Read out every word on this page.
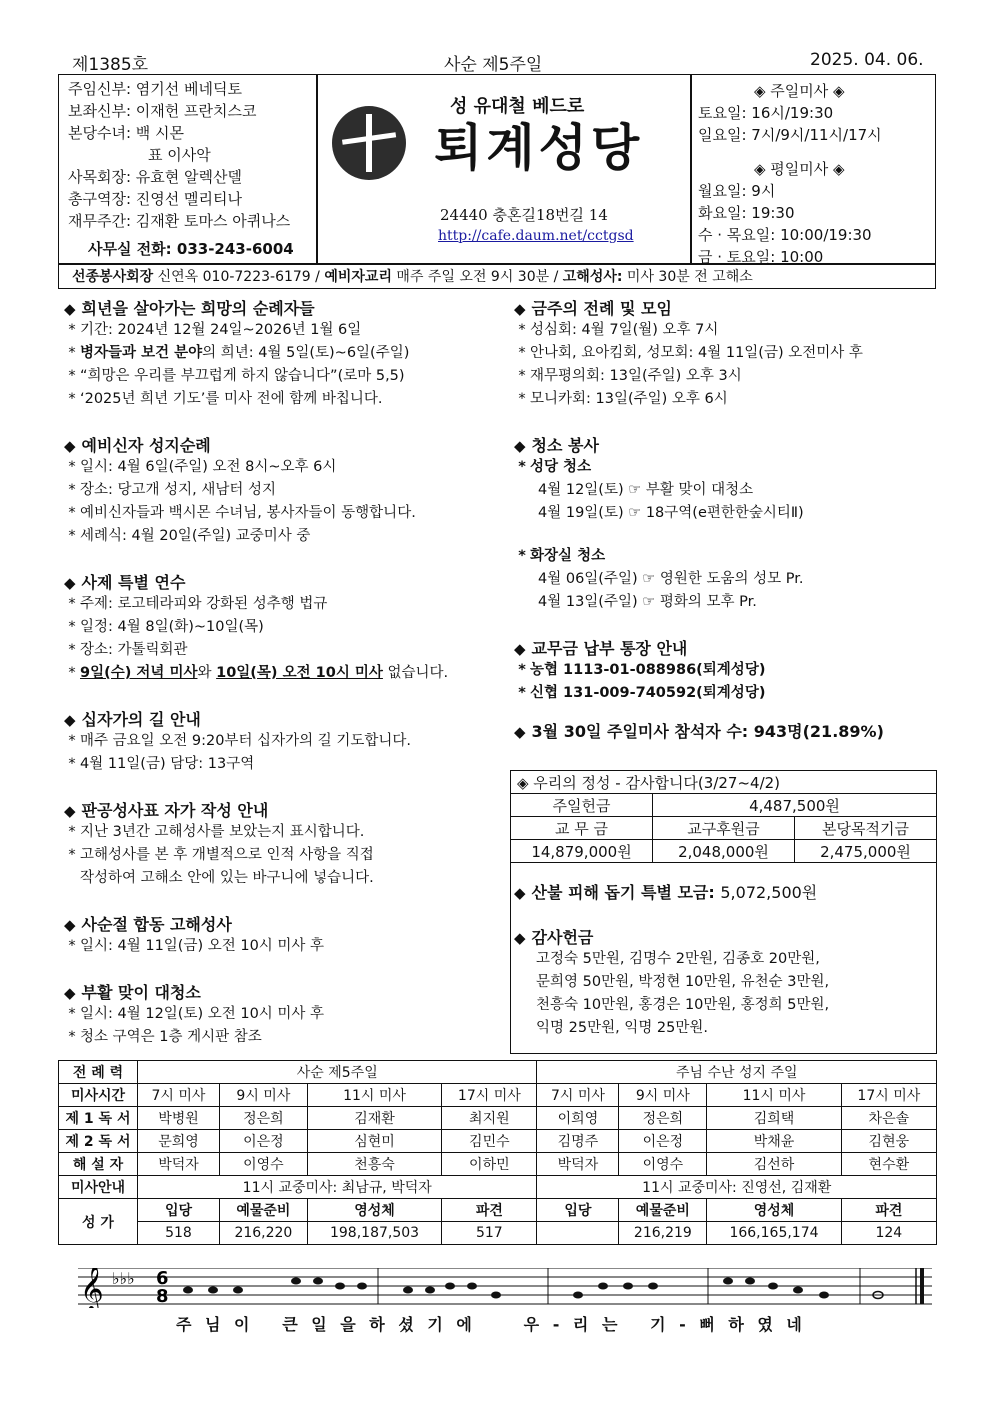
제1385호	사순 제5주일	2025. 04. 06.
주임신부: 염기선 베네딕토
보좌신부: 이재헌 프란치스코
본당수녀: 백 시몬
표 이사악
사목회장: 유효현 알렉산델
총구역장: 진영선 멜리티나
재무주간: 김재환 토마스 아퀴나스
사무실 전화: 033-243-6004
성 유대철 베드로
퇴계성당
24440 충혼길18번길 14
http://cafe.daum.net/cctgsd
◈ 주일미사 ◈
토요일: 16시/19:30
일요일: 7시/9시/11시/17시
◈ 평일미사 ◈
월요일: 9시
화요일: 19:30
수 · 목요일: 10:00/19:30
금 · 토요일: 10:00
선종봉사회장 신연옥 010-7223-6179 / 예비자교리 매주 주일 오전 9시 30분 / 고해성사: 미사 30분 전 고해소
◆ 희년을 살아가는 희망의 순례자들
* 기간: 2024년 12월 24일~2026년 1월 6일
* 병자들과 보건 분야의 희년: 4월 5일(토)~6일(주일)
* “희망은 우리를 부끄럽게 하지 않습니다”(로마 5,5)
* ‘2025년 희년 기도’를 미사 전에 함께 바칩니다.
◆ 예비신자 성지순례
* 일시: 4월 6일(주일) 오전 8시~오후 6시
* 장소: 당고개 성지, 새남터 성지
* 예비신자들과 백시몬 수녀님, 봉사자들이 동행합니다.
* 세례식: 4월 20일(주일) 교중미사 중
◆ 사제 특별 연수
* 주제: 로고테라피와 강화된 성추행 법규
* 일정: 4월 8일(화)~10일(목)
* 장소: 가톨릭회관
* 9일(수) 저녁 미사와 10일(목) 오전 10시 미사 없습니다.
◆ 십자가의 길 안내
* 매주 금요일 오전 9:20부터 십자가의 길 기도합니다.
* 4월 11일(금) 담당: 13구역
◆ 판공성사표 자가 작성 안내
* 지난 3년간 고해성사를 보았는지 표시합니다.
* 고해성사를 본 후 개별적으로 인적 사항을 직접
작성하여 고해소 안에 있는 바구니에 넣습니다.
◆ 사순절 합동 고해성사
* 일시: 4월 11일(금) 오전 10시 미사 후
◆ 부활 맞이 대청소
* 일시: 4월 12일(토) 오전 10시 미사 후
* 청소 구역은 1층 게시판 참조
◆ 금주의 전례 및 모임
* 성심회: 4월 7일(월) 오후 7시
* 안나회, 요아킴회, 성모회: 4월 11일(금) 오전미사 후
* 재무평의회: 13일(주일) 오후 3시
* 모니카회: 13일(주일) 오후 6시
◆ 청소 봉사
* 성당 청소
4월 12일(토) ☞ 부활 맞이 대청소
4월 19일(토) ☞ 18구역(e편한한숲시티Ⅱ)
* 화장실 청소
4월 06일(주일) ☞ 영원한 도움의 성모 Pr.
4월 13일(주일) ☞ 평화의 모후 Pr.
◆ 교무금 납부 통장 안내
* 농협 1113-01-088986(퇴계성당)
* 신협 131-009-740592(퇴계성당)
◆ 3월 30일 주일미사 참석자 수: 943명(21.89%)
◈ 우리의 정성 - 감사합니다(3/27~4/2)		
주일헌금	4,487,500원	
교 무 금	교구후원금	본당목적기금
14,879,000원	2,048,000원	2,475,000원
◆ 산불 피해 돕기 특별 모금: 5,072,500원
◆ 감사헌금
고정숙 5만원, 김명수 2만원, 김종호 20만원,
문희영 50만원, 박정현 10만원, 유천순 3만원,
천흥숙 10만원, 홍경은 10만원, 홍정희 5만원,
익명 25만원, 익명 25만원.
전 례 력	사순 제5주일				주님 수난 성지 주일			
미사시간	7시 미사	9시 미사	11시 미사	17시 미사	7시 미사	9시 미사	11시 미사	17시 미사
제 1 독 서	박병원	정은희	김재환	최지원	이희영	정은희	김희택	차은솔
제 2 독 서	문희영	이은정	심현미	김민수	김명주	이은정	박채윤	김현웅
해 설 자	박덕자	이영수	천흥숙	이하민	박덕자	이영수	김선하	현수환
미사안내	11시 교중미사: 최남규, 박덕자				11시 교중미사: 진영선, 김재환			
성 가	입당	예물준비	영성체	파견	입당	예물준비	영성체	파견
	518	216,220	198,187,503	517		216,219	166,165,174	124
𝄞 ♭♭♭ 6
8
주 님 이   큰 일 을 하 셨 기 에     우 - 리 는   기 - 뻐 하 였 네
